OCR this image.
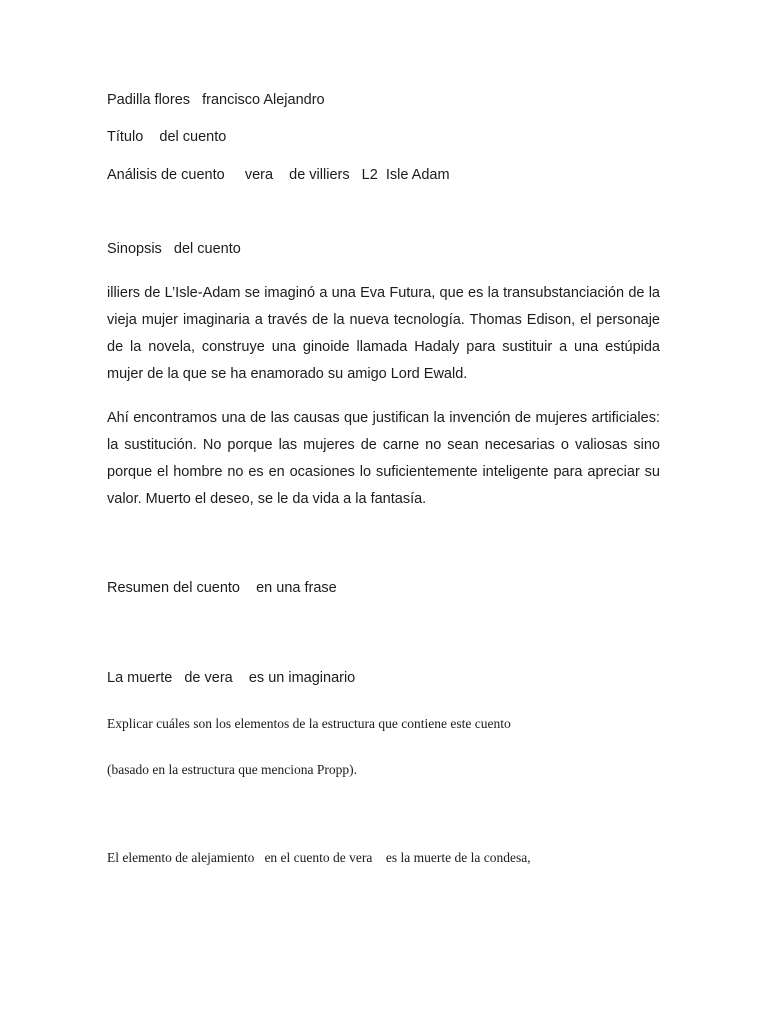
Padilla flores   francisco Alejandro

Título    del cuento

Análisis de cuento     vera    de villiers   L2  Isle Adam

Sinopsis   del cuento

illiers de L’Isle-Adam se imaginó a una Eva Futura, que es la transubstanciación de la vieja mujer imaginaria a través de la nueva tecnología. Thomas Edison, el personaje de la novela, construye una ginoide llamada Hadaly para sustituir a una estúpida mujer de la que se ha enamorado su amigo Lord Ewald.

Ahí encontramos una de las causas que justifican la invención de mujeres artificiales: la sustitución. No porque las mujeres de carne no sean necesarias o valiosas sino porque el hombre no es en ocasiones lo suficientemente inteligente para apreciar su valor. Muerto el deseo, se le da vida a la fantasía.

Resumen del cuento    en una frase

La muerte   de vera    es un imaginario

Explicar cuáles son los elementos de la estructura que contiene este cuento

(basado en la estructura que menciona Propp).

El elemento de alejamiento   en el cuento de vera    es la muerte de la condesa,
